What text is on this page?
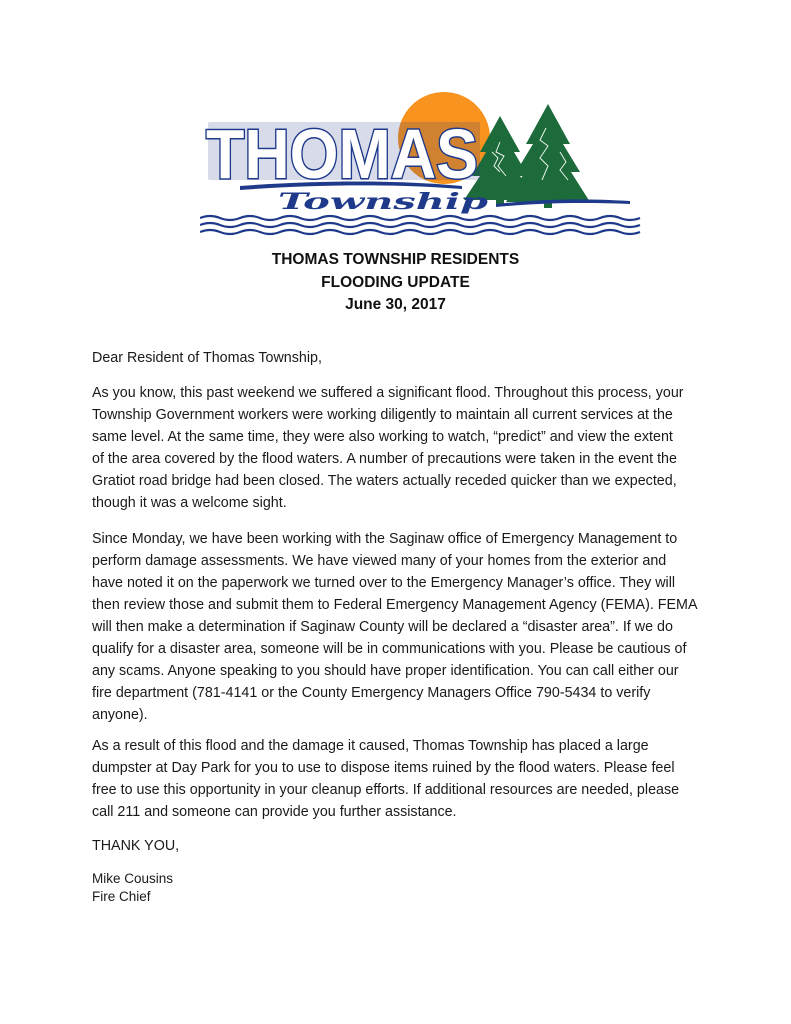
THOMAS
Township
THOMAS TOWNSHIP RESIDENTS
FLOODING UPDATE
June 30, 2017
Dear Resident of Thomas Township,
As you know, this past weekend we suffered a significant flood. Throughout this process, your
Township Government workers were working diligently to maintain all current services at the
same level. At the same time, they were also working to watch, “predict” and view the extent
of the area covered by the flood waters. A number of precautions were taken in the event the
Gratiot road bridge had been closed. The waters actually receded quicker than we expected,
though it was a welcome sight.
Since Monday, we have been working with the Saginaw office of Emergency Management to
perform damage assessments. We have viewed many of your homes from the exterior and
have noted it on the paperwork we turned over to the Emergency Manager’s office. They will
then review those and submit them to Federal Emergency Management Agency (FEMA). FEMA
will then make a determination if Saginaw County will be declared a “disaster area”. If we do
qualify for a disaster area, someone will be in communications with you. Please be cautious of
any scams. Anyone speaking to you should have proper identification. You can call either our
fire department (781-4141 or the County Emergency Managers Office 790-5434 to verify
anyone).
As a result of this flood and the damage it caused, Thomas Township has placed a large
dumpster at Day Park for you to use to dispose items ruined by the flood waters. Please feel
free to use this opportunity in your cleanup efforts. If additional resources are needed, please
call 211 and someone can provide you further assistance.
THANK YOU,
Mike Cousins
Fire Chief
